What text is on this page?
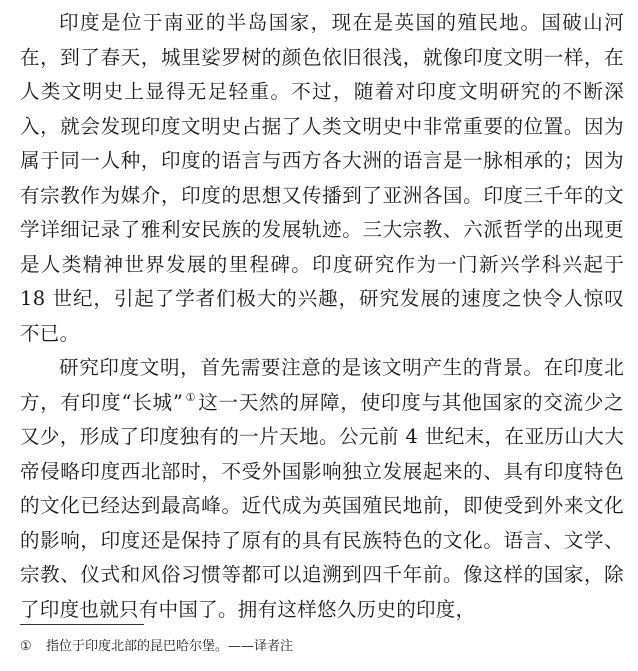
印度是位于南亚的半岛国家，现在是英国的殖民地。国破山河在，到了春天，城里娑罗树的颜色依旧很浅，就像印度文明一样，在人类文明史上显得无足轻重。不过，随着对印度文明研究的不断深入，就会发现印度文明史占据了人类文明史中非常重要的位置。因为属于同一人种，印度的语言与西方各大洲的语言是一脉相承的；因为有宗教作为媒介，印度的思想又传播到了亚洲各国。印度三千年的文学详细记录了雅利安民族的发展轨迹。三大宗教、六派哲学的出现更是人类精神世界发展的里程碑。印度研究作为一门新兴学科兴起于 18 世纪，引起了学者们极大的兴趣，研究发展的速度之快令人惊叹不已。

研究印度文明，首先需要注意的是该文明产生的背景。在印度北方，有印度“长城” ① 这一天然的屏障，使印度与其他国家的交流少之又少，形成了印度独有的一片天地。公元前 4 世纪末，在亚历山大大帝侵略印度西北部时，不受外国影响独立发展起来的、具有印度特色的文化已经达到最高峰。近代成为英国殖民地前，即使受到外来文化的影响，印度还是保持了原有的具有民族特色的文化。语言、文学、宗教、仪式和风俗习惯等都可以追溯到四千年前。像这样的国家，除了印度也就只有中国了。拥有这样悠久历史的印度，

① 指位于印度北部的昆巴哈尔堡。——译者注
